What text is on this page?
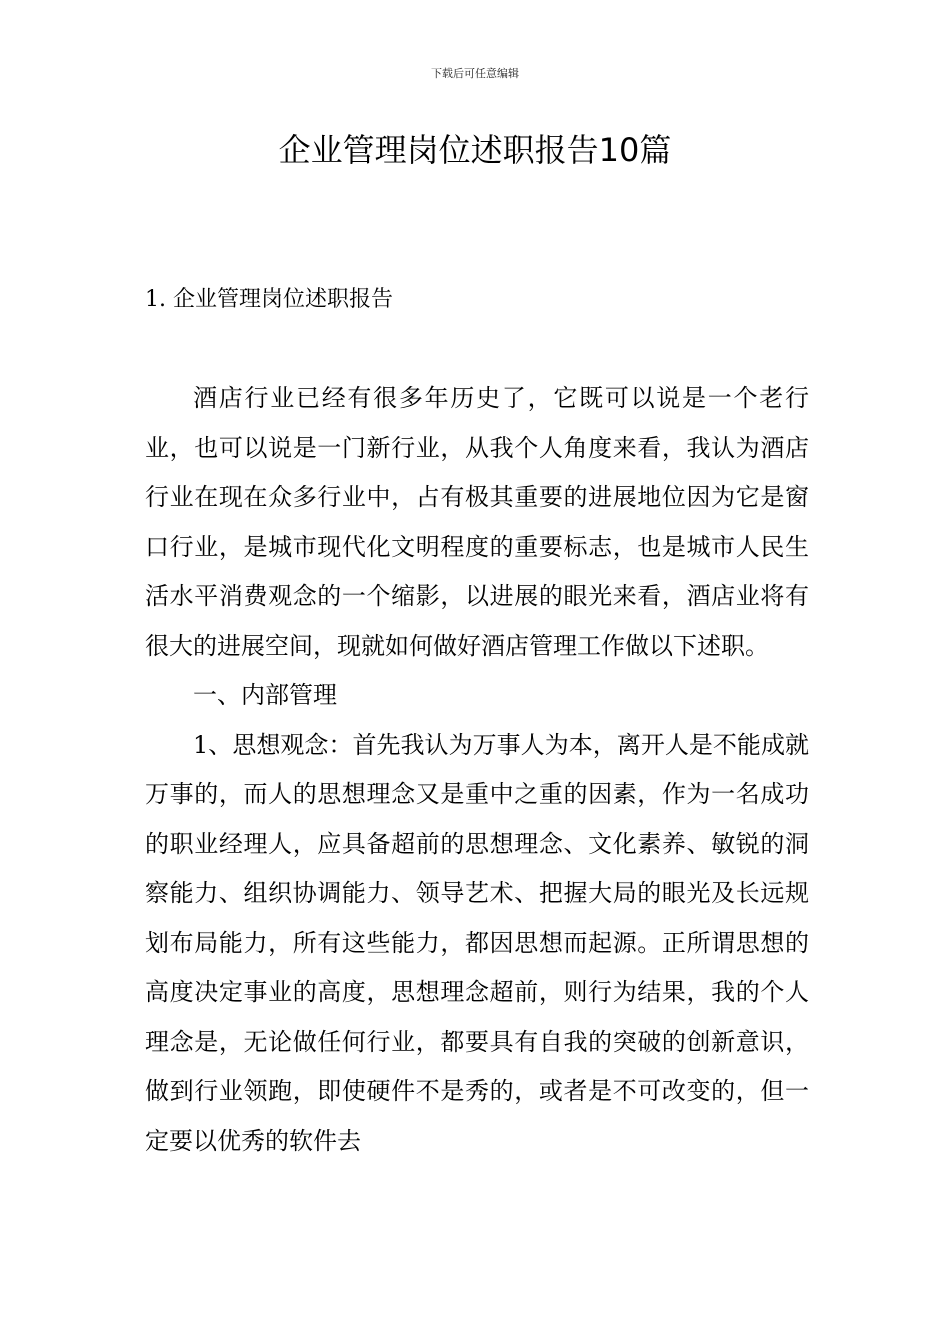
下载后可任意编辑
企业管理岗位述职报告10篇
1. 企业管理岗位述职报告

酒店行业已经有很多年历史了，它既可以说是一个老行业，也可以说是一门新行业，从我个人角度来看，我认为酒店行业在现在众多行业中，占有极其重要的进展地位因为它是窗口行业，是城市现代化文明程度的重要标志，也是城市人民生活水平消费观念的一个缩影，以进展的眼光来看，酒店业将有很大的进展空间，现就如何做好酒店管理工作做以下述职。

一、内部管理

1、思想观念：首先我认为万事人为本，离开人是不能成就万事的，而人的思想理念又是重中之重的因素，作为一名成功的职业经理人，应具备超前的思想理念、文化素养、敏锐的洞察能力、组织协调能力、领导艺术、把握大局的眼光及长远规划布局能力，所有这些能力，都因思想而起源。正所谓思想的高度决定事业的高度，思想理念超前，则行为结果，我的个人理念是，无论做任何行业，都要具有自我的突破的创新意识，做到行业领跑，即使硬件不是秀的，或者是不可改变的，但一定要以优秀的软件去
